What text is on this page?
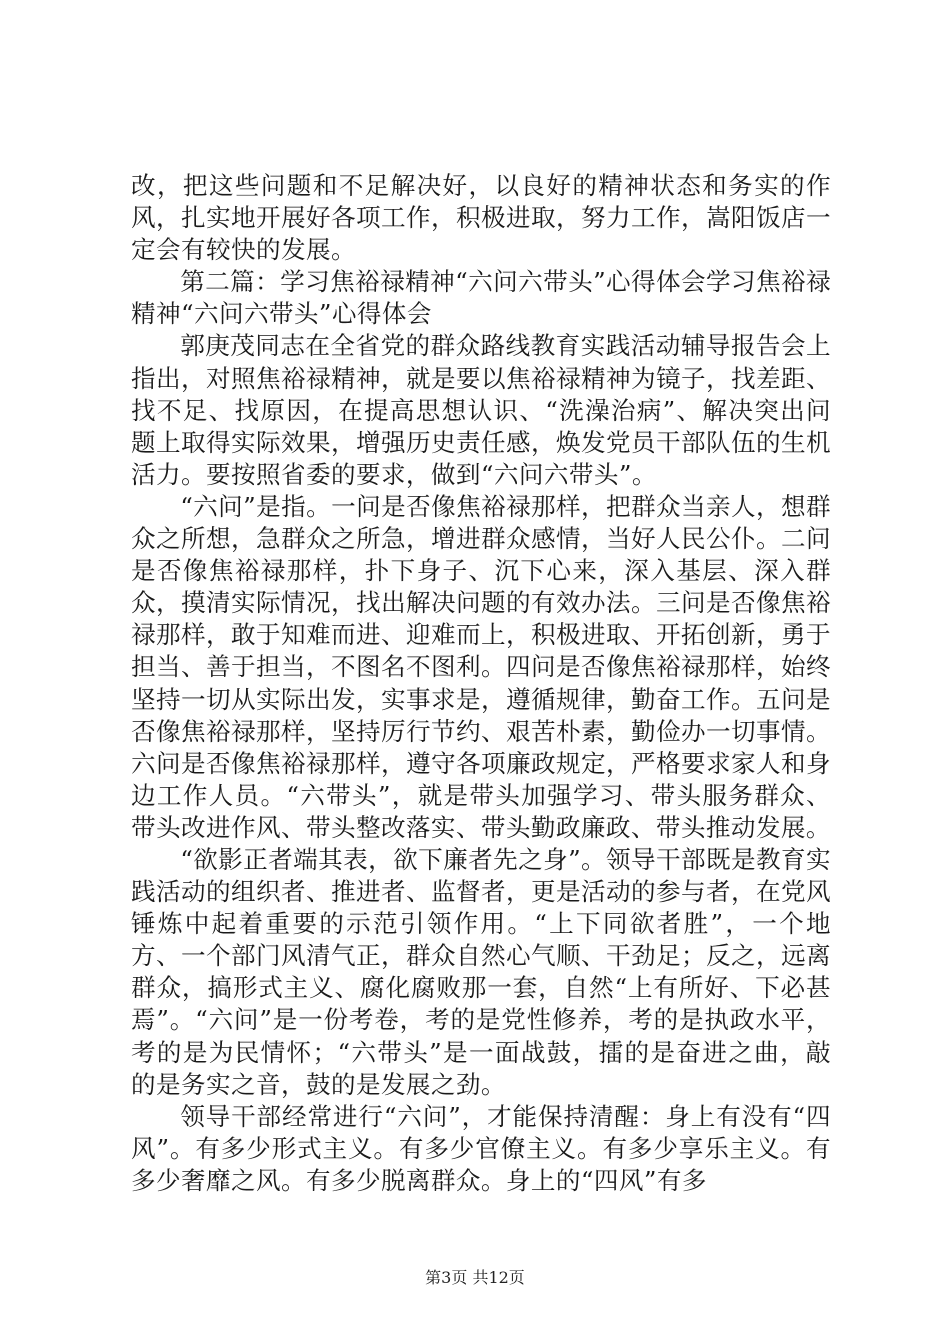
改，把这些问题和不足解决好，以良好的精神状态和务实的作风，扎实地开展好各项工作，积极进取，努力工作，嵩阳饭店一定会有较快的发展。

第二篇：学习焦裕禄精神“六问六带头”心得体会学习焦裕禄精神“六问六带头”心得体会

郭庚茂同志在全省党的群众路线教育实践活动辅导报告会上指出，对照焦裕禄精神，就是要以焦裕禄精神为镜子，找差距、找不足、找原因，在提高思想认识、“洗澡治病”、解决突出问题上取得实际效果，增强历史责任感，焕发党员干部队伍的生机活力。要按照省委的要求，做到“六问六带头”。

“六问”是指。一问是否像焦裕禄那样，把群众当亲人，想群众之所想，急群众之所急，增进群众感情，当好人民公仆。二问是否像焦裕禄那样，扑下身子、沉下心来，深入基层、深入群众，摸清实际情况，找出解决问题的有效办法。三问是否像焦裕禄那样，敢于知难而进、迎难而上，积极进取、开拓创新，勇于担当、善于担当，不图名不图利。四问是否像焦裕禄那样，始终坚持一切从实际出发，实事求是，遵循规律，勤奋工作。五问是否像焦裕禄那样，坚持厉行节约、艰苦朴素，勤俭办一切事情。六问是否像焦裕禄那样，遵守各项廉政规定，严格要求家人和身边工作人员。“六带头”，就是带头加强学习、带头服务群众、带头改进作风、带头整改落实、带头勤政廉政、带头推动发展。

“欲影正者端其表，欲下廉者先之身”。领导干部既是教育实践活动的组织者、推进者、监督者，更是活动的参与者，在党风锤炼中起着重要的示范引领作用。“上下同欲者胜”，一个地方、一个部门风清气正，群众自然心气顺、干劲足；反之，远离群众，搞形式主义、腐化腐败那一套，自然“上有所好、下必甚焉”。“六问”是一份考卷，考的是党性修养，考的是执政水平，考的是为民情怀；“六带头”是一面战鼓，擂的是奋进之曲，敲的是务实之音，鼓的是发展之劲。

领导干部经常进行“六问”，才能保持清醒：身上有没有“四风”。有多少形式主义。有多少官僚主义。有多少享乐主义。有多少奢靡之风。有多少脱离群众。身上的“四风”有多

第3页 共12页
